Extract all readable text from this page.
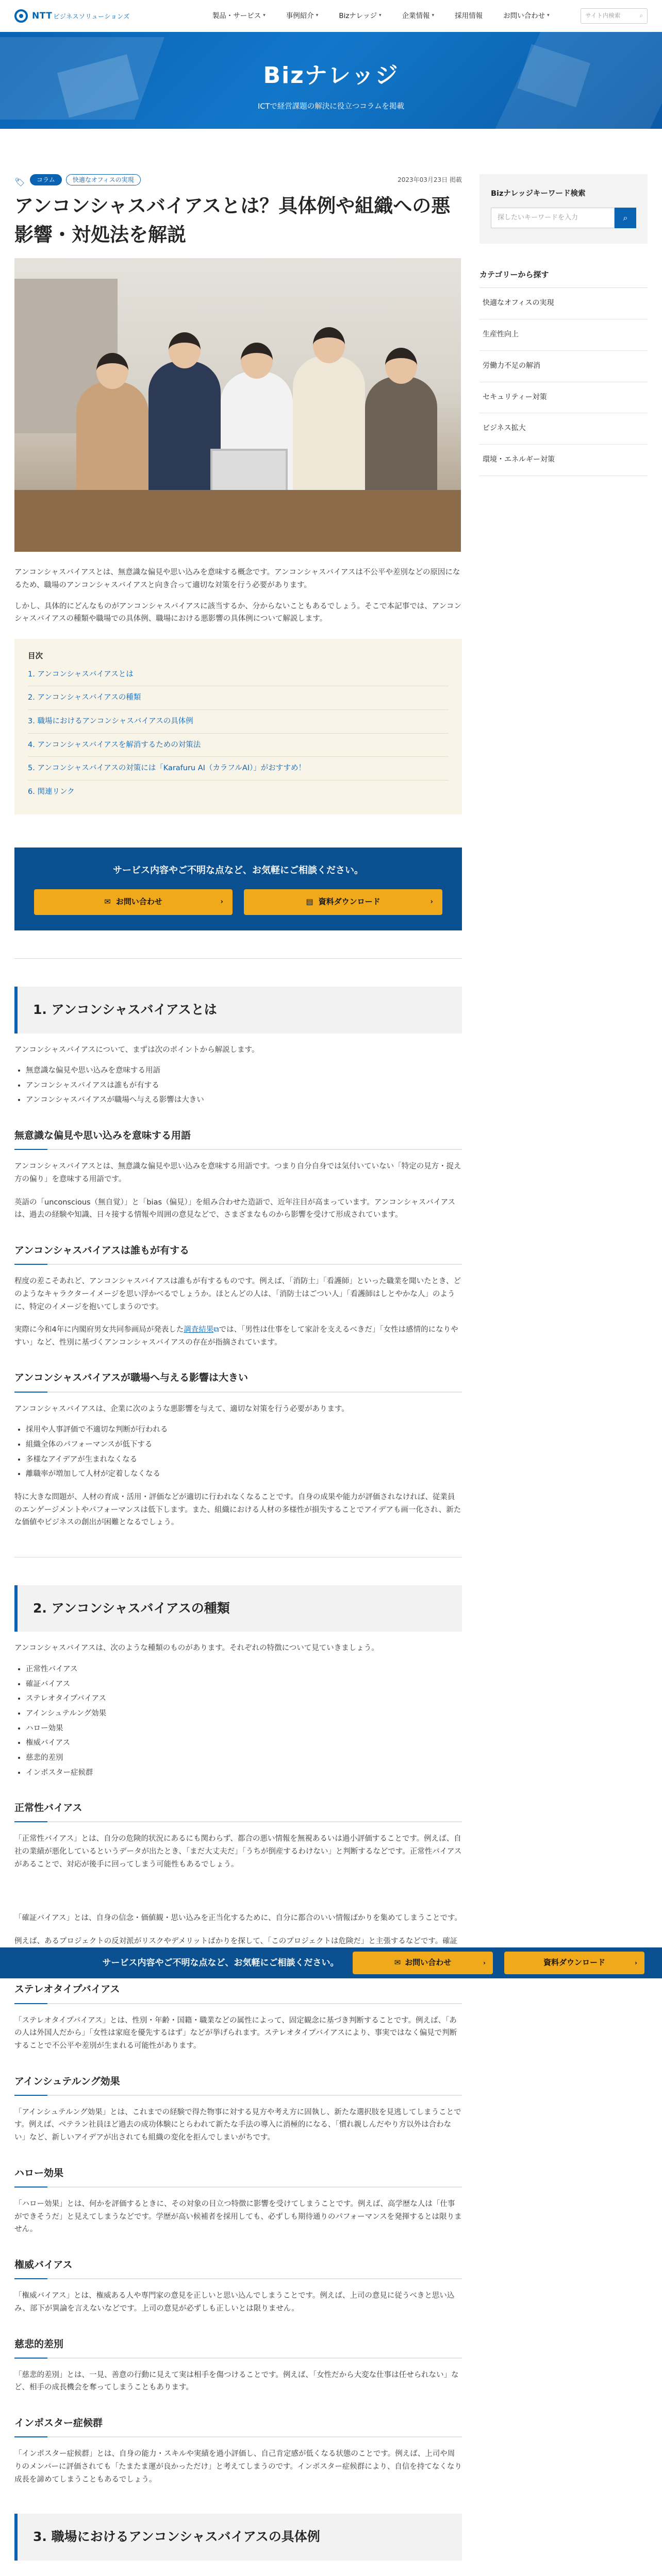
NTT ビジネスソリューションズ	製品・サービス ▾	事例紹介 ▾	Bizナレッジ ▾	企業情報 ▾	採用情報	お問い合わせ ▾	サイト内検索	⌕
Bizナレッジ
ICTで経営課題の解決に役立つコラムを掲載
🏷	コラム	快適なオフィスの実現	2023年03月23日 掲載
アンコンシャスバイアスとは？具体例や組織への悪影響・対処法を解説

アンコンシャスバイアスとは、無意識な偏見や思い込みを意味する概念です。アンコンシャスバイアスは不公平や差別などの原因になるため、職場のアンコンシャスバイアスと向き合って適切な対策を行う必要があります。

しかし、具体的にどんなものがアンコンシャスバイアスに該当するか、分からないこともあるでしょう。そこで本記事では、アンコンシャスバイアスの種類や職場での具体例、職場における悪影響の具体例について解説します。

目次
1. アンコンシャスバイアスとは
2. アンコンシャスバイアスの種類
3. 職場におけるアンコンシャスバイアスの具体例
4. アンコンシャスバイアスを解消するための対策法
5. アンコンシャスバイアスの対策には「Karafuru AI（カラフルAI）」がおすすめ！
6. 関連リンク
サービス内容やご不明な点など、お気軽にご相談ください。
✉ お問い合わせ	›	▤ 資料ダウンロード	›
1. アンコンシャスバイアスとは

アンコンシャスバイアスについて、まずは次のポイントから解説します。

• 無意識な偏見や思い込みを意味する用語
• アンコンシャスバイアスは誰もが有する
• アンコンシャスバイアスが職場へ与える影響は大きい
無意識な偏見や思い込みを意味する用語

アンコンシャスバイアスとは、無意識な偏見や思い込みを意味する用語です。つまり自分自身では気付いていない「特定の見方・捉え方の偏り」を意味する用語です。

英語の「unconscious（無自覚）」と「bias（偏見）」を組み合わせた造語で、近年注目が高まっています。アンコンシャスバイアスは、過去の経験や知識、日々接する情報や周囲の意見などで、さまざまなものから影響を受けて形成されています。

アンコンシャスバイアスは誰もが有する

程度の差こそあれど、アンコンシャスバイアスは誰もが有するものです。例えば、「消防士」「看護師」といった職業を聞いたとき、どのようなキャラクターイメージを思い浮かべるでしょうか。ほとんどの人は、「消防士はごつい人」「看護師はしとやかな人」のように、特定のイメージを抱いてしまうのです。

実際に今和4年に内閣府男女共同参画局が発表した調査結果⧉では、「男性は仕事をして家計を支えるべきだ」「女性は感情的になりやすい」など、性別に基づくアンコンシャスバイアスの存在が指摘されています。

アンコンシャスバイアスが職場へ与える影響は大きい

アンコンシャスバイアスは、企業に次のような悪影響を与えて、適切な対策を行う必要があります。

• 採用や人事評価で不適切な判断が行われる
• 組織全体のパフォーマンスが低下する
• 多様なアイデアが生まれなくなる
• 離職率が増加して人材が定着しなくなる

特に大きな問題が、人材の育成・活用・評価などが適切に行われなくなることです。自身の成果や能力が評価されなければ、従業員のエンゲージメントやパフォーマンスは低下します。また、組織における人材の多様性が損失することでアイデアも画一化され、新たな価値やビジネスの創出が困難となるでしょう。

2. アンコンシャスバイアスの種類

アンコンシャスバイアスは、次のような種類のものがあります。それぞれの特徴について見ていきましょう。

• 正常性バイアス
• 確証バイアス
• ステレオタイプバイアス
• アインシュテルング効果
• ハロー効果
• 権威バイアス
• 慈悲的差別
• インポスター症候群
正常性バイアス

「正常性バイアス」とは、自分の危険的状況にあるにも関わらず、都合の悪い情報を無視あるいは過小評価することです。例えば、自社の業績が悪化しているというデータが出たとき、「まだ大丈夫だ」「うちが倒産するわけない」と判断するなどです。正常性バイアスがあることで、対応が後手に回ってしまう可能性もあるでしょう。

「確証バイアス」とは、自身の信念・価値観・思い込みを正当化するために、自分に都合のいい情報ばかりを集めてしまうことです。

例えば、あるプロジェクトの反対派がリスクやデメリットばかりを探して、「このプロジェクトは危険だ」と主張するなどです。確証

ステレオタイプバイアス

「ステレオタイプバイアス」とは、性別・年齢・国籍・職業などの属性によって、固定観念に基づき判断することです。例えば、「あの人は外国人だから」「女性は家庭を優先するはず」などが挙げられます。ステレオタイプバイアスにより、事実ではなく偏見で判断することで不公平や差別が生まれる可能性があります。

アインシュテルング効果

「アインシュテルング効果」とは、これまでの経験で得た物事に対する見方や考え方に固執し、新たな選択肢を見逃してしまうことです。例えば、ベテラン社員ほど過去の成功体験にとらわれて新たな手法の導入に消極的になる、「慣れ親しんだやり方以外は合わない」など、新しいアイデアが出されても組織の変化を拒んでしまいがちです。

ハロー効果

「ハロー効果」とは、何かを評価するときに、その対象の目立つ特徴に影響を受けてしまうことです。例えば、高学歴な人は「仕事ができそうだ」と見えてしまうなどです。学歴が高い候補者を採用しても、必ずしも期待通りのパフォーマンスを発揮するとは限りません。

権威バイアス

「権威バイアス」とは、権威ある人や専門家の意見を正しいと思い込んでしまうことです。例えば、上司の意見に従うべきと思い込み、部下が異論を言えないなどです。上司の意見が必ずしも正しいとは限りません。

慈悲的差別

「慈悲的差別」とは、一見、善意の行動に見えて実は相手を傷つけることです。例えば、「女性だから大変な仕事は任せられない」など、相手の成長機会を奪ってしまうこともあります。

インポスター症候群

「インポスター症候群」とは、自身の能力・スキルや実績を過小評価し、自己肯定感が低くなる状態のことです。例えば、上司や周りのメンバーに評価されても「たまたま運が良かっただけ」と考えてしまうのです。インポスター症候群により、自信を持てなくなり成長を諦めてしまうこともあるでしょう。

3. 職場におけるアンコンシャスバイアスの具体例

Bizナレッジキーワード検索
探したいキーワードを入力	⌕
カテゴリーから探す
快適なオフィスの実現
生産性向上
労働力不足の解消
セキュリティー対策
ビジネス拡大
環境・エネルギー対策
サービス内容やご不明な点など、お気軽にご相談ください。	✉ お問い合わせ	›	資料ダウンロード	›
